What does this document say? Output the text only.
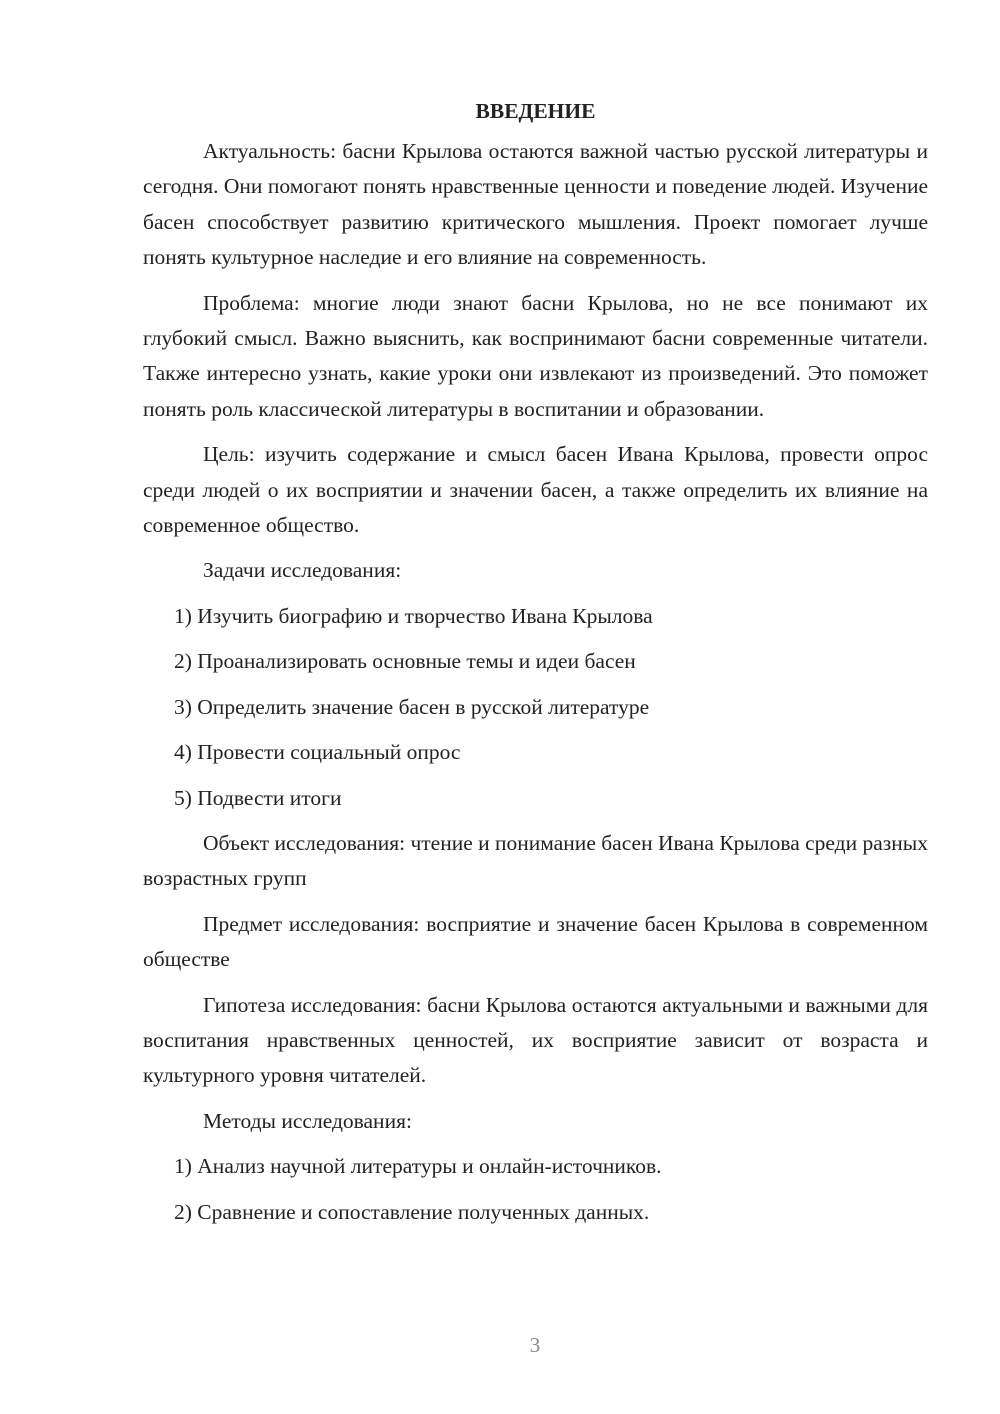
ВВЕДЕНИЕ

Актуальность: басни Крылова остаются важной частью русской литературы и сегодня. Они помогают понять нравственные ценности и поведение людей. Изучение басен способствует развитию критического мышления. Проект помогает лучше понять культурное наследие и его влияние на современность.

Проблема: многие люди знают басни Крылова, но не все понимают их глубокий смысл. Важно выяснить, как воспринимают басни современные читатели. Также интересно узнать, какие уроки они извлекают из произведений. Это поможет понять роль классической литературы в воспитании и образовании.

Цель: изучить содержание и смысл басен Ивана Крылова, провести опрос среди людей о их восприятии и значении басен, а также определить их влияние на современное общество.

Задачи исследования:

1) Изучить биографию и творчество Ивана Крылова
2) Проанализировать основные темы и идеи басен
3) Определить значение басен в русской литературе
4) Провести социальный опрос
5) Подвести итоги

Объект исследования: чтение и понимание басен Ивана Крылова среди разных возрастных групп

Предмет исследования: восприятие и значение басен Крылова в современном обществе

Гипотеза исследования: басни Крылова остаются актуальными и важными для воспитания нравственных ценностей, их восприятие зависит от возраста и культурного уровня читателей.

Методы исследования:

1) Анализ научной литературы и онлайн-источников.
2) Сравнение и сопоставление полученных данных.
3
